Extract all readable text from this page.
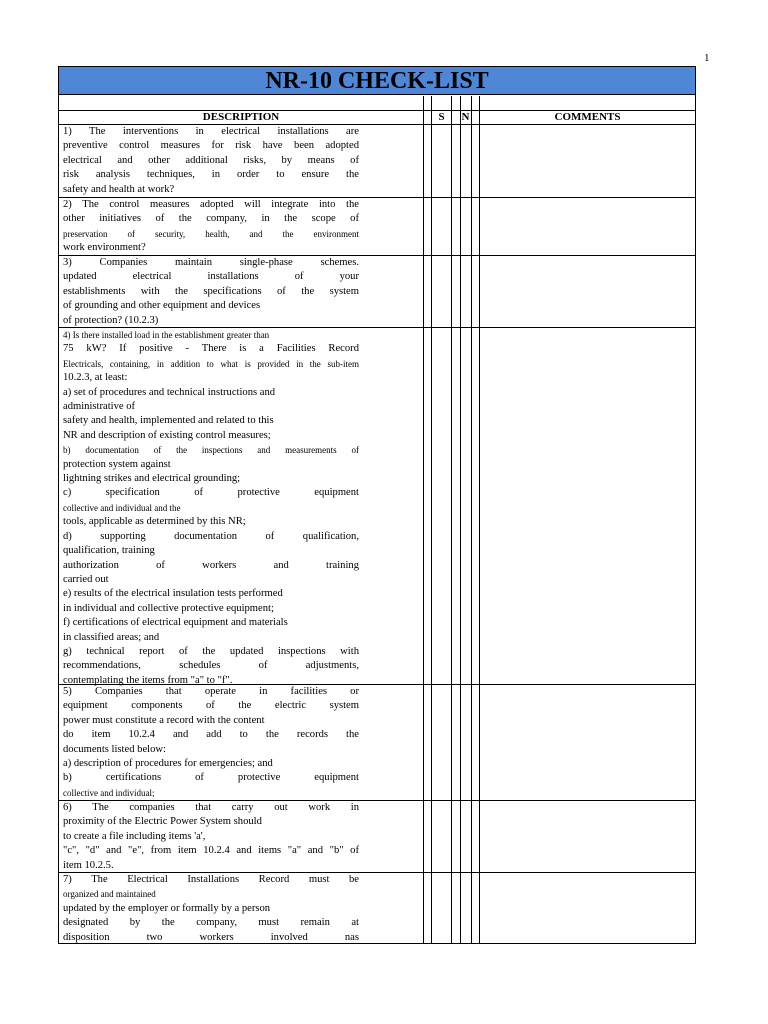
1
NR-10 CHECK-LIST
DESCRIPTION	S	N	COMMENTS

1) The interventions in electrical installations are

preventive control measures for risk have been adopted

electrical and other additional risks, by means of

risk analysis techniques, in order to ensure the

safety and health at work?

2) The control measures adopted will integrate into the

other initiatives of the company, in the scope of

preservation of security, health, and the environment

work environment?

3) Companies maintain single-phase schemes.

updated electrical installations of your

establishments with the specifications of the system

of grounding and other equipment and devices

of protection? (10.2.3)

4) Is there installed load in the establishment greater than

75 kW? If positive - There is a Facilities Record

Electricals, containing, in addition to what is provided in the sub-item

10.2.3, at least:

a) set of procedures and technical instructions and

administrative of

safety and health, implemented and related to this

NR and description of existing control measures;

b) documentation of the inspections and measurements of

protection system against

lightning strikes and electrical grounding;

c) specification of protective equipment

collective and individual and the

tools, applicable as determined by this NR;

d) supporting documentation of qualification,

qualification, training

authorization of workers and training

carried out

e) results of the electrical insulation tests performed

in individual and collective protective equipment;

f) certifications of electrical equipment and materials

in classified areas; and

g) technical report of the updated inspections with

recommendations, schedules of adjustments,

contemplating the items from "a" to "f".

5) Companies that operate in facilities or

equipment components of the electric system

power must constitute a record with the content

do item 10.2.4 and add to the records the

documents listed below:

a) description of procedures for emergencies; and

b) certifications of protective equipment

collective and individual;

6) The companies that carry out work in

proximity of the Electric Power System should

to create a file including items 'a',

"c", "d" and "e", from item 10.2.4 and items "a" and "b" of

item 10.2.5.

7) The Electrical Installations Record must be

organized and maintained

updated by the employer or formally by a person

designated by the company, must remain at

disposition two workers involved nas
